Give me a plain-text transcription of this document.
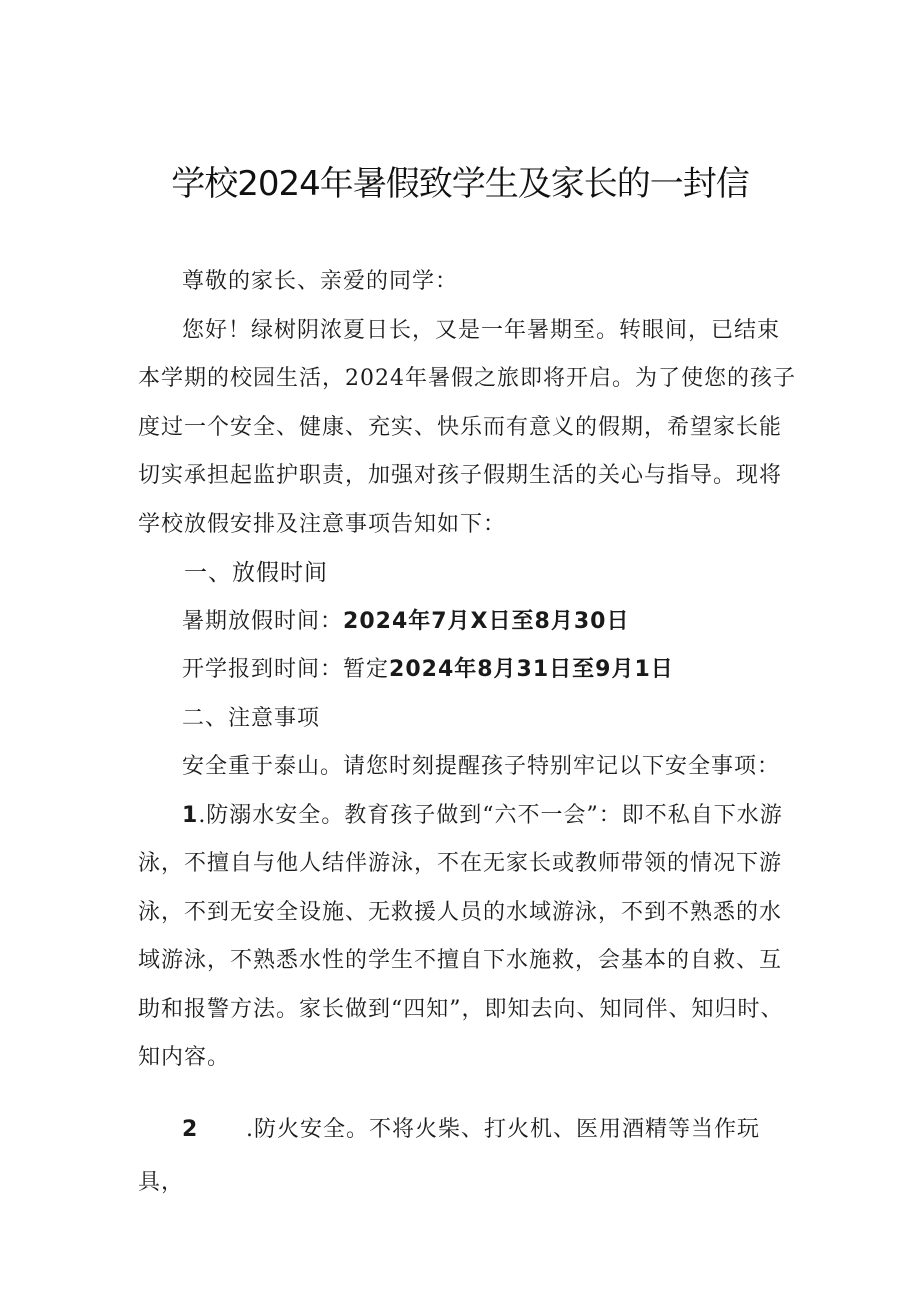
学校2024年暑假致学生及家长的一封信

尊敬的家长、亲爱的同学：

您好！绿树阴浓夏日长，又是一年暑期至。转眼间，已结束本学期的校园生活，2024年暑假之旅即将开启。为了使您的孩子度过一个安全、健康、充实、快乐而有意义的假期，希望家长能切实承担起监护职责，加强对孩子假期生活的关心与指导。现将学校放假安排及注意事项告知如下：

一、放假时间

暑期放假时间：2024年7月X日至8月30日

开学报到时间：暂定2024年8月31日至9月1日

二、注意事项

安全重于泰山。请您时刻提醒孩子特别牢记以下安全事项：

1.防溺水安全。教育孩子做到“六不一会”：即不私自下水游泳，不擅自与他人结伴游泳，不在无家长或教师带领的情况下游泳，不到无安全设施、无救援人员的水域游泳，不到不熟悉的水域游泳，不熟悉水性的学生不擅自下水施救，会基本的自救、互助和报警方法。家长做到“四知”，即知去向、知同伴、知归时、知内容。

2 .防火安全。不将火柴、打火机、医用酒精等当作玩

具，
